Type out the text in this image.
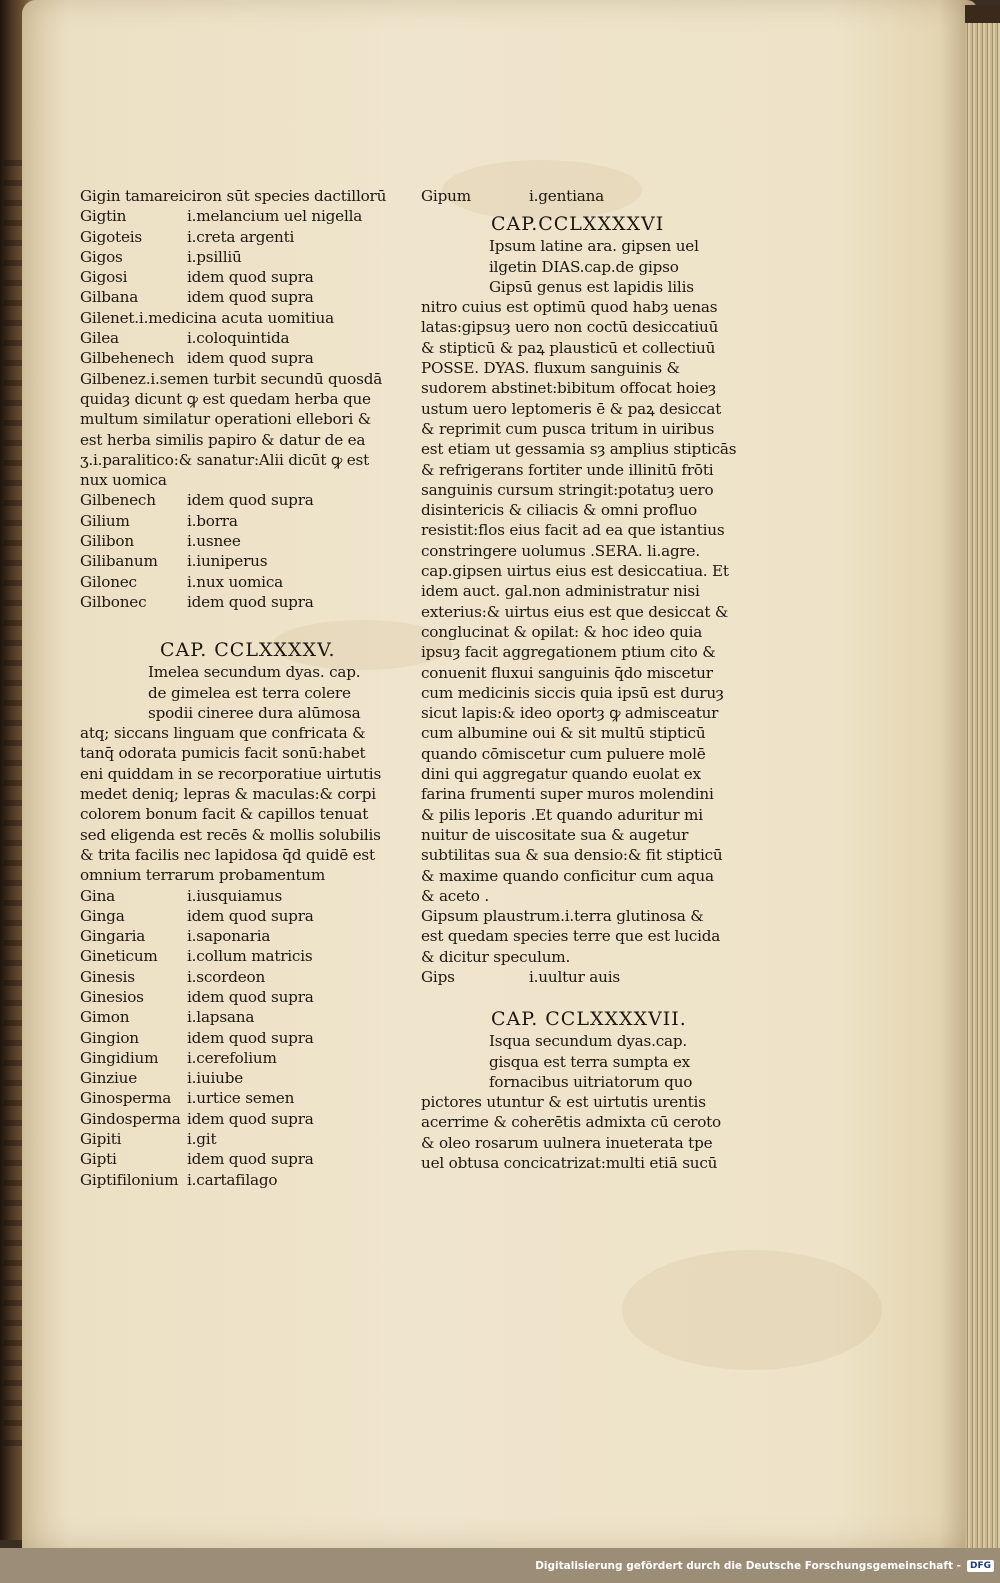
Gigin tamareiciron sūt species dactillorū
Gigtin	i.melancium uel nigella
Gigoteis	i.creta argenti
Gigos	i.psilliū
Gigosi	idem quod supra
Gilbana	idem quod supra
Gilenet.i.medicina acuta uomitiua
Gilea	i.coloquintida
Gilbehenech idem quod supra
Gilbenez.i.semen turbit secundū quosdā
quidaȝ dicunt ꝙ est quedam herba que
multum similatur operationi ellebori &
est herba similis papiro & datur de ea
ʒ.i.paralitico:& sanatur:Alii dicūt ꝙ est
nux uomica
Gilbenech idem quod supra
Gilium	i.borra
Gilibon	i.usnee
Gilibanum i.iuniperus
Gilonec	i.nux uomica
Gilbonec	idem quod supra
CAP. CCLXXXXV.
Imelea secundum dyas. cap.
de gimelea est terra colere
spodii cineree dura alūmosa
atq; siccans linguam que confricata &
tanq̄ odorata pumicis facit sonū:habet
eni quiddam in se recorporatiue uirtutis
medet deniq; lepras & maculas:& corpi
colorem bonum facit & capillos tenuat
sed eligenda est recēs & mollis solubilis
& trita facilis nec lapidosa q̄d quidē est
omnium terrarum probamentum
Gina	i.iusquiamus
Ginga	idem quod supra
Gingaria	i.saponaria
Gineticum i.collum matricis
Ginesis	i.scordeon
Ginesios	idem quod supra
Gimon	i.lapsana
Gingion	idem quod supra
Gingidium i.cerefolium
Ginziue	i.iuiube
Ginosperma i.urtice semen
Gindosperma idem quod supra
Gipiti	i.git
Gipti	idem quod supra
Giptifilonium i.cartafilago
Gipum	i.gentiana
CAP.CCLXXXXVI
Ipsum latine ara. gipsen uel
ilgetin DIAS.cap.de gipso
Gipsū genus est lapidis lilis
nitro cuius est optimū quod habȝ uenas
latas:gipsuȝ uero non coctū desiccatiuū
& stipticū & paꝝ plausticū et collectiuū
POSSE. DYAS. fluxum sanguinis &
sudorem abstinet:bibitum offocat hoieȝ
ustum uero leptomeris ē & paꝝ desiccat
& reprimit cum pusca tritum in uiribus
est etiam ut gessamia sȝ amplius stipticās
& refrigerans fortiter unde illinitū frōti
sanguinis cursum stringit:potatuȝ uero
disintericis & ciliacis & omni profluo
resistit:flos eius facit ad ea que istantius
constringere uolumus .SERA. li.agre.
cap.gipsen uirtus eius est desiccatiua. Et
idem auct. gal.non administratur nisi
exterius:& uirtus eius est que desiccat &
conglucinat & opilat: & hoc ideo quia
ipsuȝ facit aggregationem ptium cito &
conuenit fluxui sanguinis q̄do miscetur
cum medicinis siccis quia ipsū est duruȝ
sicut lapis:& ideo oportȝ ꝙ admisceatur
cum albumine oui & sit multū stipticū
quando cōmiscetur cum puluere molē
dini qui aggregatur quando euolat ex
farina frumenti super muros molendini
& pilis leporis .Et quando aduritur mi
nuitur de uiscositate sua & augetur
subtilitas sua & sua densio:& fit stipticū
& maxime quando conficitur cum aqua
& aceto .
Gipsum plaustrum.i.terra glutinosa &
est quedam species terre que est lucida
& dicitur speculum.
Gips	i.uultur auis
CAP. CCLXXXXVII.
Isqua secundum dyas.cap.
gisqua est terra sumpta ex
fornacibus uitriatorum quo
pictores utuntur & est uirtutis urentis
acerrime & coherētis admixta cū ceroto
& oleo rosarum uulnera inueterata tpe
uel obtusa concicatrizat:multi etiā sucū
Digitalisierung gefördert durch die Deutsche Forschungsgemeinschaft -	DFG
